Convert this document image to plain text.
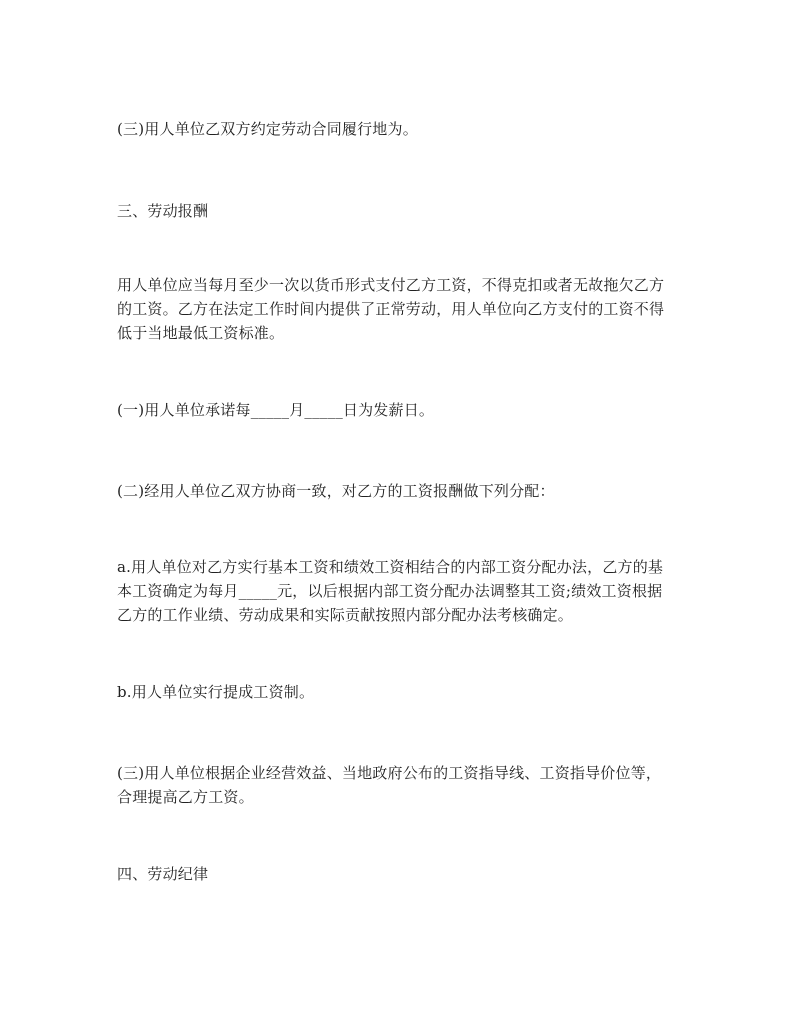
(三)用人单位乙双方约定劳动合同履行地为。

三、劳动报酬

用人单位应当每月至少一次以货币形式支付乙方工资，不得克扣或者无故拖欠乙方
的工资。乙方在法定工作时间内提供了正常劳动，用人单位向乙方支付的工资不得
低于当地最低工资标准。

(一)用人单位承诺每_____月_____日为发薪日。

(二)经用人单位乙双方协商一致，对乙方的工资报酬做下列分配：

a.用人单位对乙方实行基本工资和绩效工资相结合的内部工资分配办法，乙方的基
本工资确定为每月_____元，以后根据内部工资分配办法调整其工资;绩效工资根据
乙方的工作业绩、劳动成果和实际贡献按照内部分配办法考核确定。

b.用人单位实行提成工资制。

(三)用人单位根据企业经营效益、当地政府公布的工资指导线、工资指导价位等，
合理提高乙方工资。

四、劳动纪律
